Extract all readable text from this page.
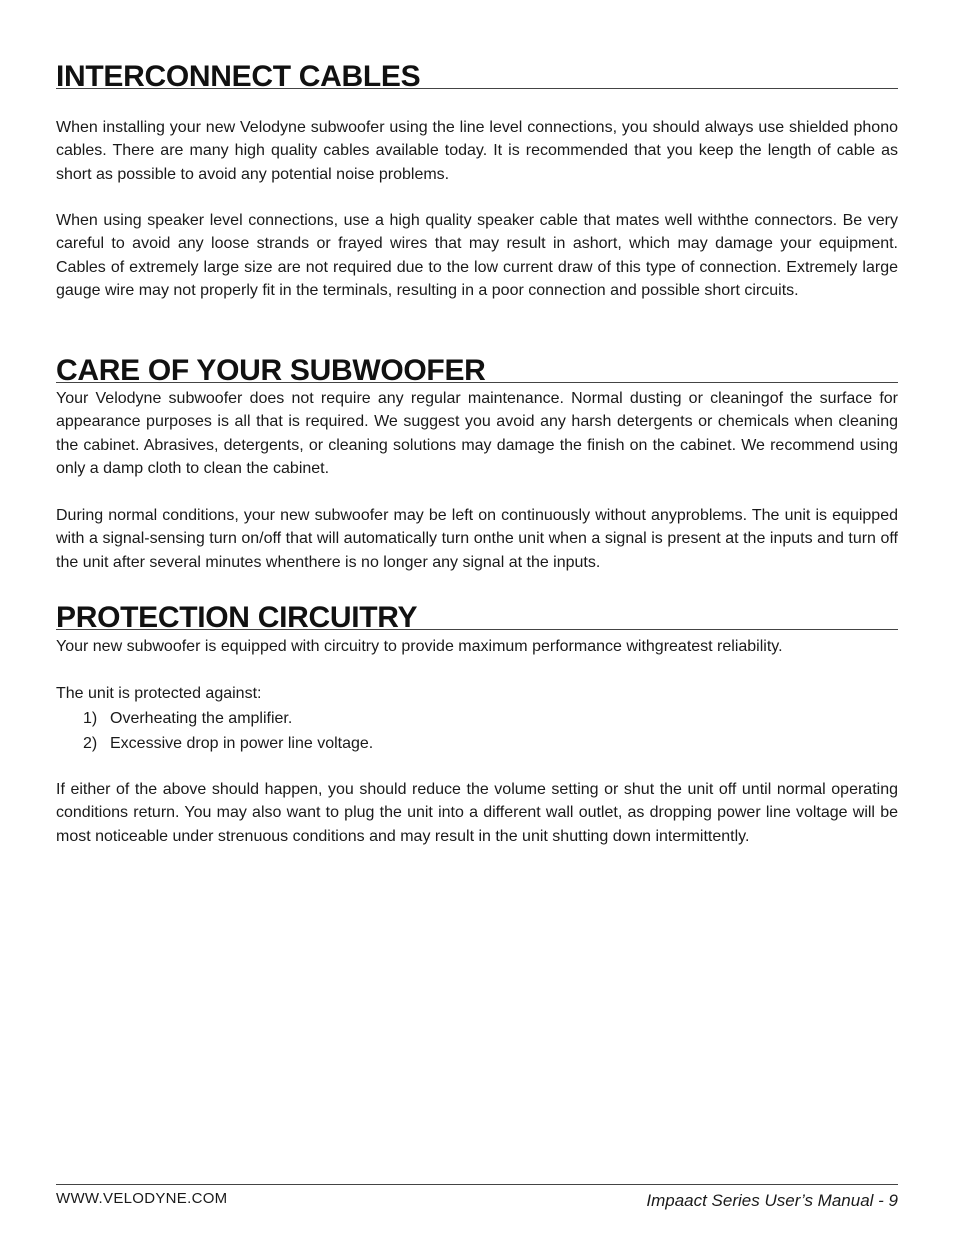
INTERCONNECT CABLES

When installing your new Velodyne subwoofer using the line level connections, you should always use shielded phono cables. There are many high quality cables available today. It is recommended that you keep the length of cable as short as possible to avoid any potential noise problems.

When using speaker level connections, use a high quality speaker cable that mates well withthe connectors. Be very careful to avoid any loose strands or frayed wires that may result in ashort, which may damage your equipment. Cables of extremely large size are not required due to the low current draw of this type of connection. Extremely large gauge wire may not properly fit in the terminals, resulting in a poor connection and possible short circuits.

CARE OF YOUR SUBWOOFER

Your Velodyne subwoofer does not require any regular maintenance. Normal dusting or cleaningof the surface for appearance purposes is all that is required. We suggest you avoid any harsh detergents or chemicals when cleaning the cabinet. Abrasives, detergents, or cleaning solutions may damage the finish on the cabinet. We recommend using only a damp cloth to clean the cabinet.

During normal conditions, your new subwoofer may be left on continuously without anyproblems. The unit is equipped with a signal-sensing turn on/off that will automatically turn onthe unit when a signal is present at the inputs and turn off the unit after several minutes whenthere is no longer any signal at the inputs.

PROTECTION CIRCUITRY

Your new subwoofer is equipped with circuitry to provide maximum performance withgreatest reliability.

The unit is protected against:

1) Overheating the amplifier.
2) Excessive drop in power line voltage.

If either of the above should happen, you should reduce the volume setting or shut the unit off until normal operating conditions return. You may also want to plug the unit into a different wall outlet, as dropping power line voltage will be most noticeable under strenuous conditions and may result in the unit shutting down intermittently.

WWW.VELODYNE.COM	Impaact Series User’s Manual - 9
